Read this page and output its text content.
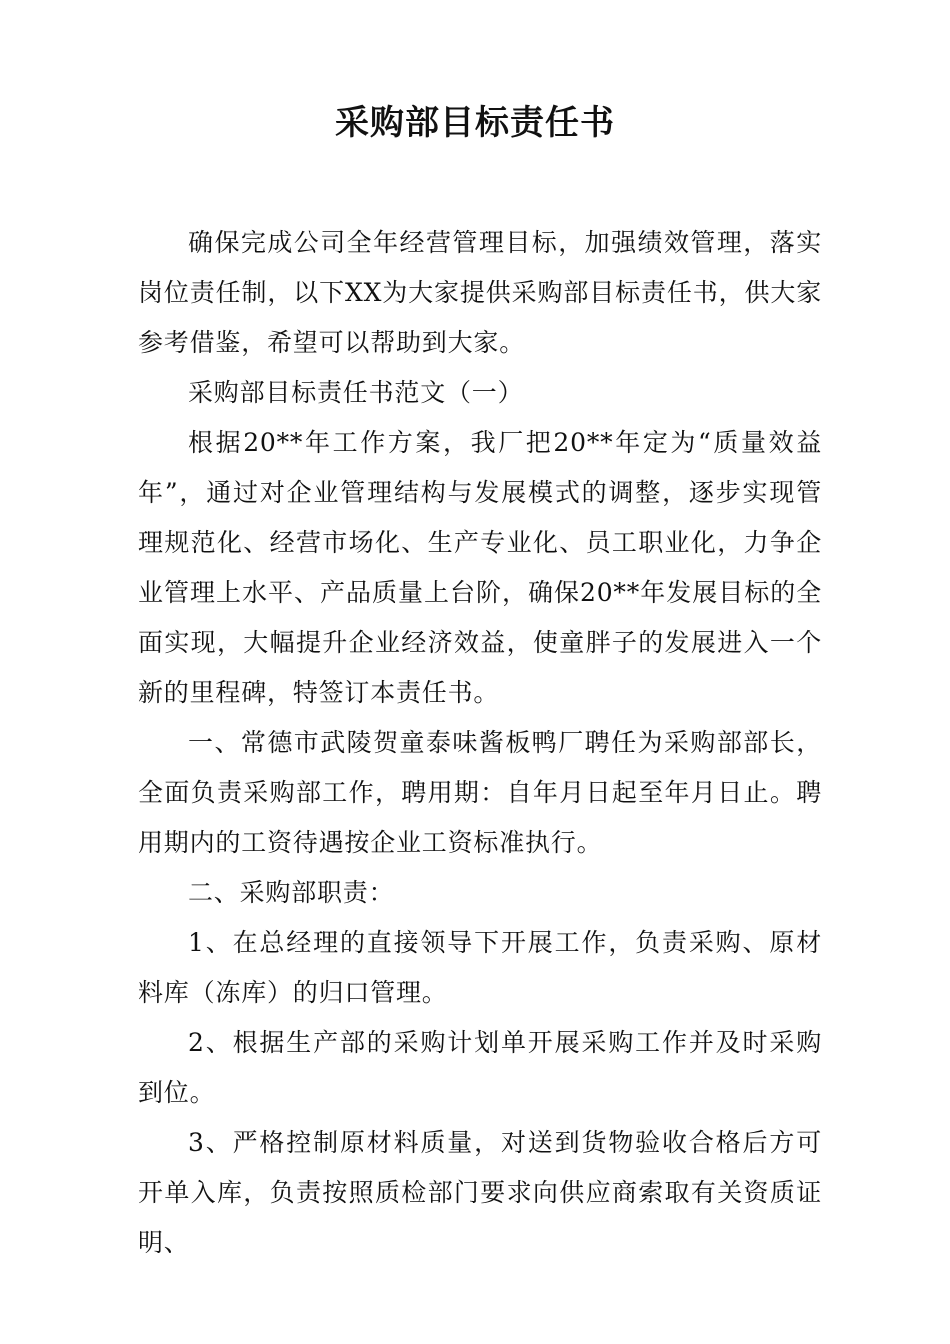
采购部目标责任书

确保完成公司全年经营管理目标，加强绩效管理，落实岗位责任制，以下XX为大家提供采购部目标责任书，供大家参考借鉴，希望可以帮助到大家。

采购部目标责任书范文（一）

根据20**年工作方案，我厂把20**年定为“质量效益年”，通过对企业管理结构与发展模式的调整，逐步实现管理规范化、经营市场化、生产专业化、员工职业化，力争企业管理上水平、产品质量上台阶，确保20**年发展目标的全面实现，大幅提升企业经济效益，使童胖子的发展进入一个新的里程碑，特签订本责任书。

一、常德市武陵贺童泰味酱板鸭厂聘任为采购部部长，全面负责采购部工作，聘用期：自年月日起至年月日止。聘用期内的工资待遇按企业工资标准执行。

二、采购部职责：

1、在总经理的直接领导下开展工作，负责采购、原材料库（冻库）的归口管理。

2、根据生产部的采购计划单开展采购工作并及时采购到位。

3、严格控制原材料质量，对送到货物验收合格后方可开单入库，负责按照质检部门要求向供应商索取有关资质证明、
